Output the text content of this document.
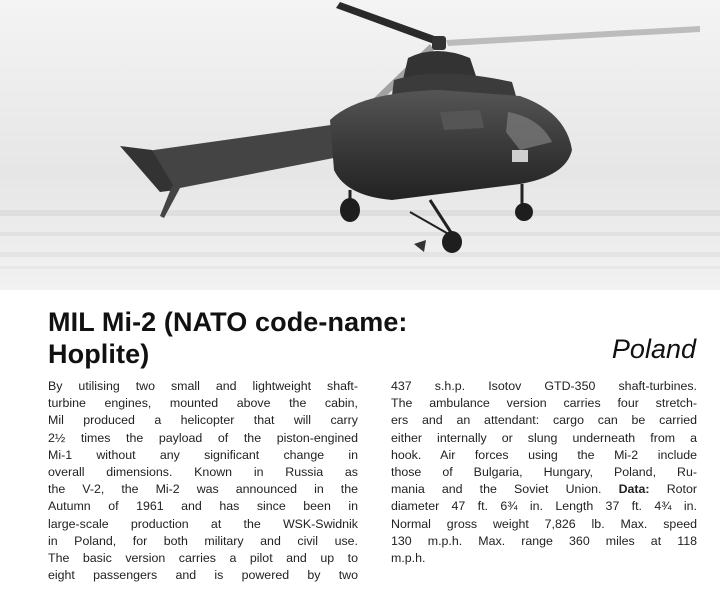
MIL Mi-2 (NATO code-name:
Hoplite)	Poland
By utilising two small and lightweight shaft-
turbine engines, mounted above the cabin,
Mil produced a helicopter that will carry
2½ times the payload of the piston-engined
Mi-1 without any significant change in
overall dimensions. Known in Russia as
the V-2, the Mi-2 was announced in the
Autumn of 1961 and has since been in
large-scale production at the WSK-Swidnik
in Poland, for both military and civil use.
The basic version carries a pilot and up to
eight passengers and is powered by two
437 s.h.p. Isotov GTD-350 shaft-turbines.
The ambulance version carries four stretch-
ers and an attendant: cargo can be carried
either internally or slung underneath from a
hook. Air forces using the Mi-2 include
those of Bulgaria, Hungary, Poland, Ru-
mania and the Soviet Union. Data: Rotor
diameter 47 ft. 6¾ in. Length 37 ft. 4¾ in.
Normal gross weight 7,826 lb. Max. speed
130 m.p.h. Max. range 360 miles at 118
m.p.h.
